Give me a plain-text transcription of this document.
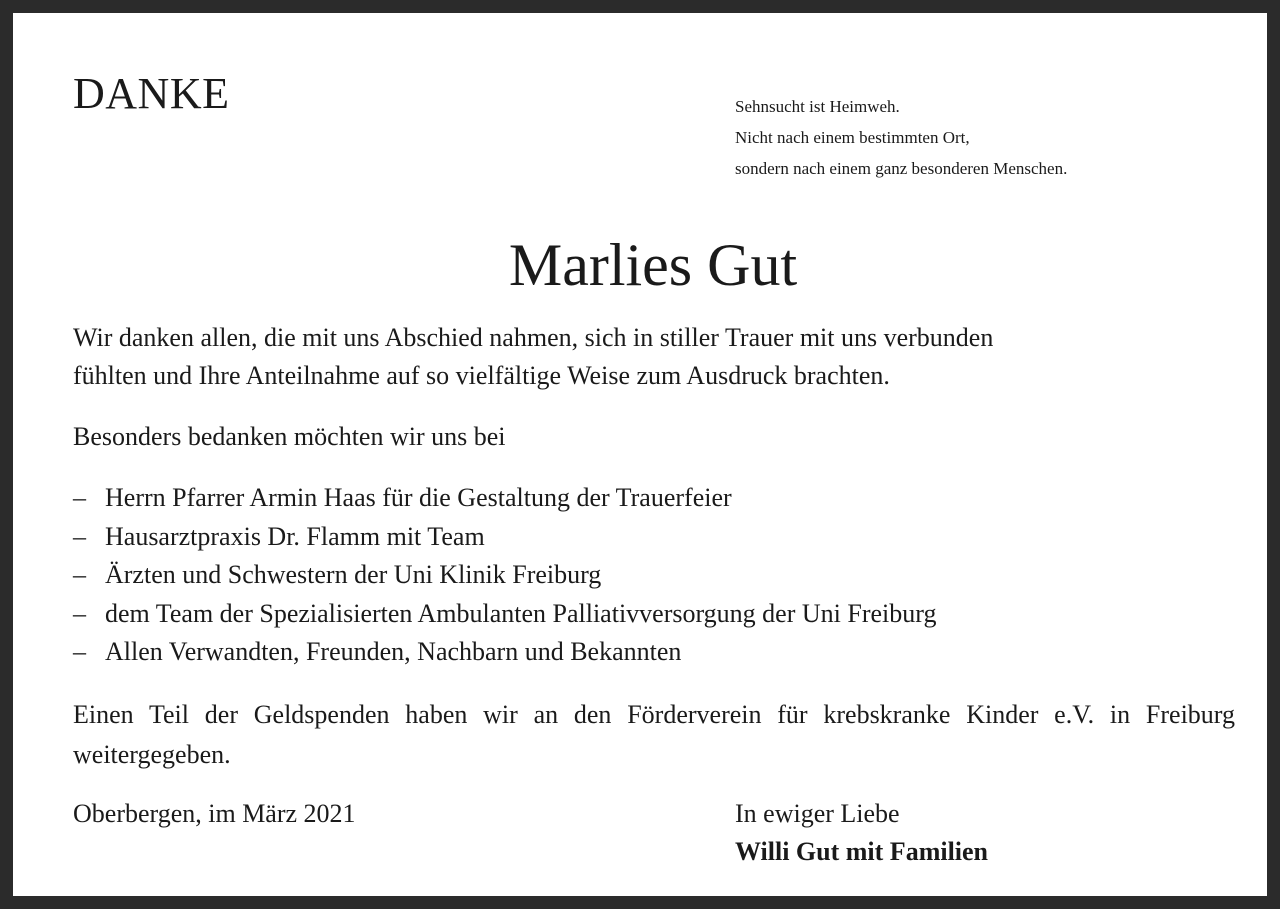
DANKE	Sehnsucht ist Heimweh.
Nicht nach einem bestimmten Ort,
sondern nach einem ganz besonderen Menschen.
Marlies Gut
Wir danken allen, die mit uns Abschied nahmen, sich in stiller Trauer mit uns verbunden
fühlten und Ihre Anteilnahme auf so vielfältige Weise zum Ausdruck brachten.
Besonders bedanken möchten wir uns bei
– Herrn Pfarrer Armin Haas für die Gestaltung der Trauerfeier
– Hausarztpraxis Dr. Flamm mit Team
– Ärzten und Schwestern der Uni Klinik Freiburg
– dem Team der Spezialisierten Ambulanten Palliativversorgung der Uni Freiburg
– Allen Verwandten, Freunden, Nachbarn und Bekannten
Einen Teil der Geldspenden haben wir an den Förderverein für krebskranke Kinder e.V. in Freiburg weitergegeben.
Oberbergen, im März 2021	In ewiger Liebe
Willi Gut mit Familien
